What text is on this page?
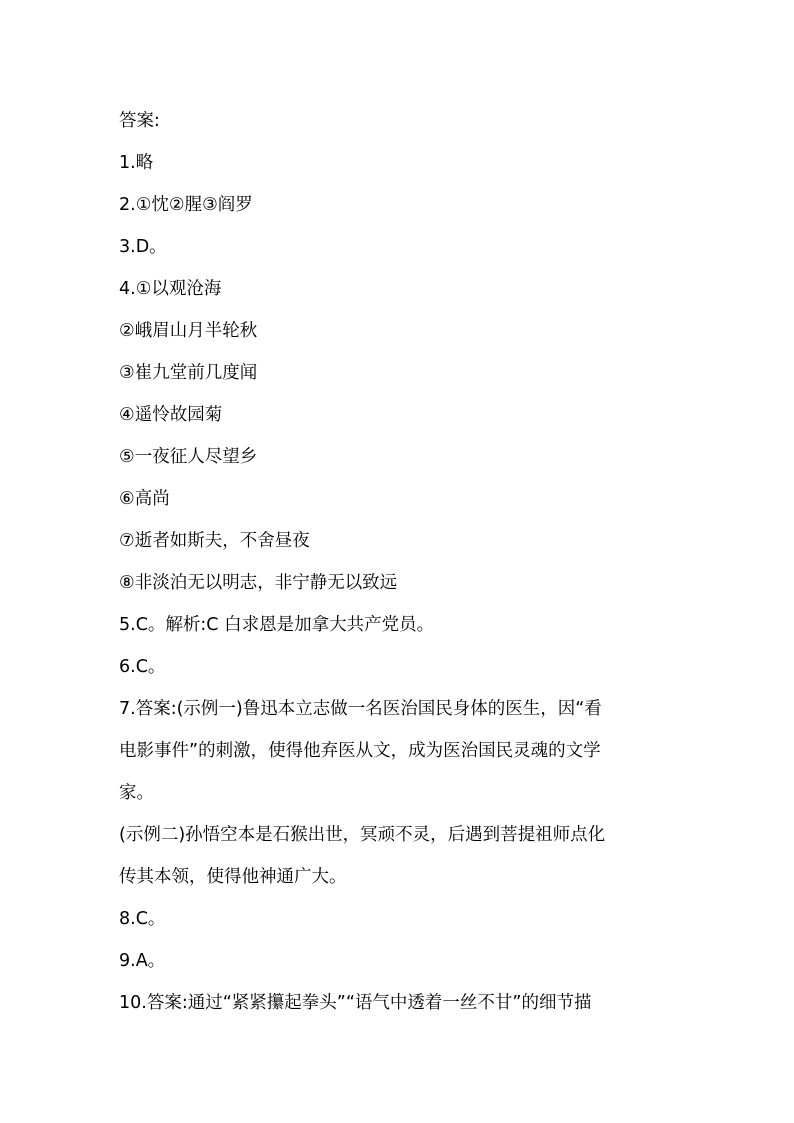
答案:
1.略
2.①忱②腥③阎罗
3.D。
4.①以观沧海
②峨眉山月半轮秋
③崔九堂前几度闻
④遥怜故园菊
⑤一夜征人尽望乡
⑥高尚
⑦逝者如斯夫，不舍昼夜
⑧非淡泊无以明志，非宁静无以致远
5.C。解析:C 白求恩是加拿大共产党员。
6.C。
7.答案:(示例一)鲁迅本立志做一名医治国民身体的医生，因“看
电影事件”的刺激，使得他弃医从文，成为医治国民灵魂的文学
家。
(示例二)孙悟空本是石猴出世，冥顽不灵，后遇到菩提祖师点化
传其本领，使得他神通广大。
8.C。
9.A。
10.答案:通过“紧紧攥起拳头”“语气中透着一丝不甘”的细节描
